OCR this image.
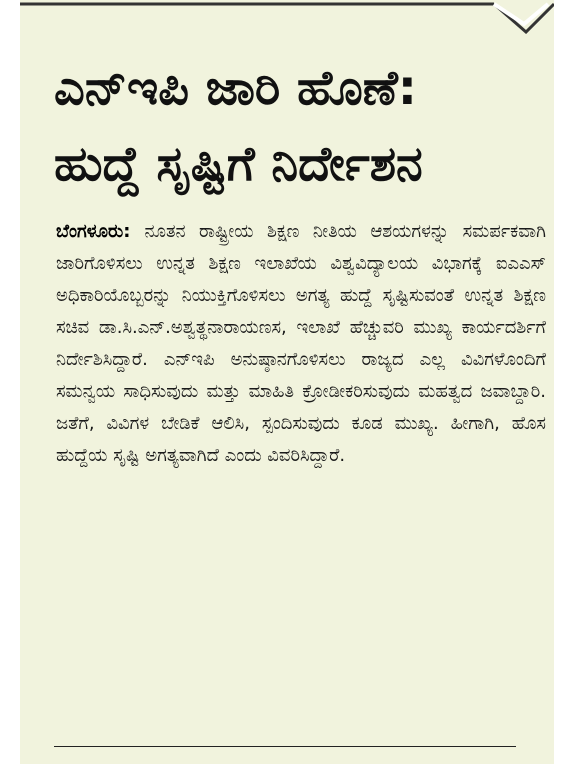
ಎನ್‌ಇಪಿ ಜಾರಿ ಹೊಣೆ:
ಹುದ್ದೆ ಸೃಷ್ಟಿಗೆ ನಿರ್ದೇಶನ

ಬೆಂಗಳೂರು: ನೂತನ ರಾಷ್ಟ್ರೀಯ ಶಿಕ್ಷಣ ನೀತಿಯ ಆಶಯಗಳನ್ನು ಸಮರ್ಪಕವಾಗಿ ಜಾರಿಗೊಳಿಸಲು ಉನ್ನತ ಶಿಕ್ಷಣ ಇಲಾಖೆಯ ವಿಶ್ವವಿದ್ಯಾಲಯ ವಿಭಾಗಕ್ಕೆ ಐಎಎಸ್ ಅಧಿಕಾರಿಯೊಬ್ಬರನ್ನು ನಿಯುಕ್ತಿಗೊಳಿಸಲು ಅಗತ್ಯ ಹುದ್ದೆ ಸೃಷ್ಟಿಸುವಂತೆ ಉನ್ನತ ಶಿಕ್ಷಣ ಸಚಿವ ಡಾ.ಸಿ.ಎನ್.ಅಶ್ವತ್ಥನಾರಾಯಣಸ, ಇಲಾಖೆ ಹೆಚ್ಚುವರಿ ಮುಖ್ಯ ಕಾರ್ಯದರ್ಶಿಗೆ ನಿರ್ದೇಶಿಸಿದ್ದಾರೆ. ಎನ್‌ಇಪಿ ಅನುಷ್ಠಾನಗೊಳಿಸಲು ರಾಜ್ಯದ ಎಲ್ಲ ವಿವಿಗಳೊಂದಿಗೆ ಸಮನ್ವಯ ಸಾಧಿಸುವುದು ಮತ್ತು ಮಾಹಿತಿ ಕ್ರೋಡೀಕರಿಸುವುದು ಮಹತ್ವದ ಜವಾಬ್ದಾರಿ. ಜತೆಗೆ, ವಿವಿಗಳ ಬೇಡಿಕೆ ಆಲಿಸಿ, ಸ್ಪಂದಿಸುವುದು ಕೂಡ ಮುಖ್ಯ. ಹೀಗಾಗಿ, ಹೊಸ ಹುದ್ದೆಯ ಸೃಷ್ಟಿ ಅಗತ್ಯವಾಗಿದೆ ಎಂದು ವಿವರಿಸಿದ್ದಾರೆ.
